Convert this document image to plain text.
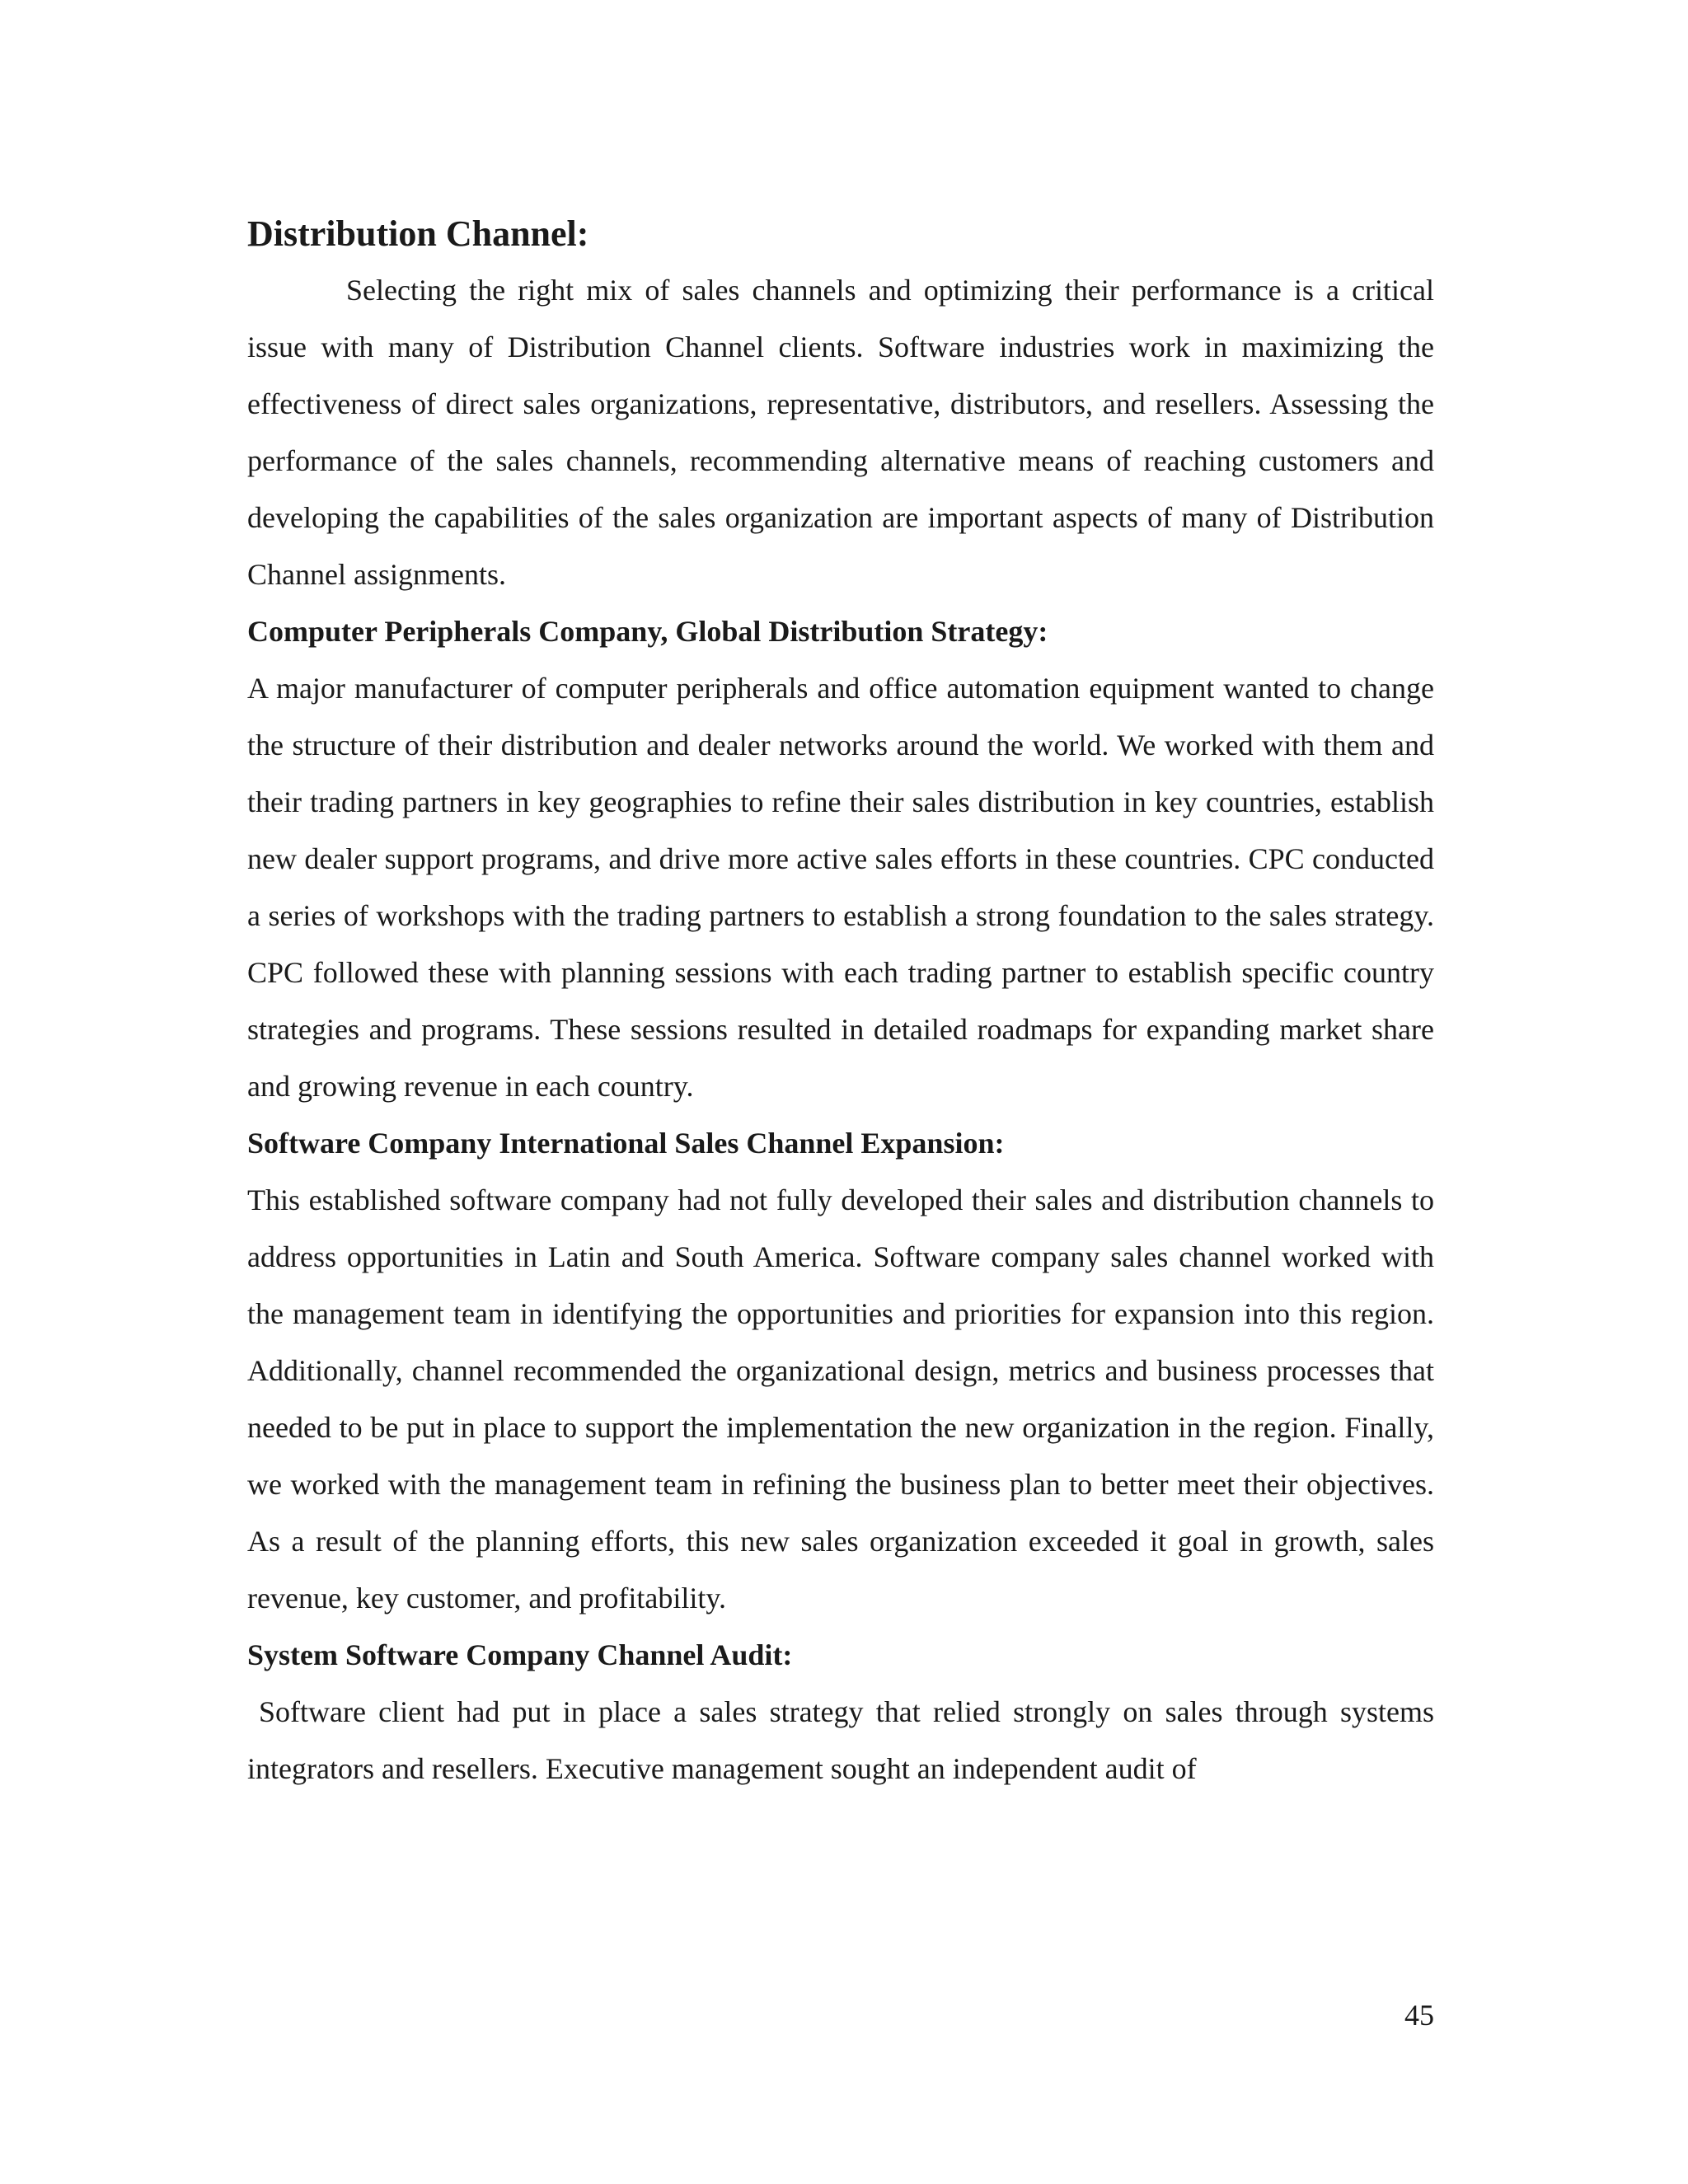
Distribution Channel:

Selecting the right mix of sales channels and optimizing their performance is a critical issue with many of Distribution Channel clients. Software industries work in maximizing the effectiveness of direct sales organizations, representative, distributors, and resellers. Assessing the performance of the sales channels, recommending alternative means of reaching customers and developing the capabilities of the sales organization are important aspects of many of Distribution Channel assignments.

Computer Peripherals Company, Global Distribution Strategy:

A major manufacturer of computer peripherals and office automation equipment wanted to change the structure of their distribution and dealer networks around the world. We worked with them and their trading partners in key geographies to refine their sales distribution in key countries, establish new dealer support programs, and drive more active sales efforts in these countries. CPC conducted a series of workshops with the trading partners to establish a strong foundation to the sales strategy. CPC followed these with planning sessions with each trading partner to establish specific country strategies and programs. These sessions resulted in detailed roadmaps for expanding market share and growing revenue in each country.

Software Company International Sales Channel Expansion:

This established software company had not fully developed their sales and distribution channels to address opportunities in Latin and South America. Software company sales channel worked with the management team in identifying the opportunities and priorities for expansion into this region. Additionally, channel recommended the organizational design, metrics and business processes that needed to be put in place to support the implementation the new organization in the region. Finally, we worked with the management team in refining the business plan to better meet their objectives. As a result of the planning efforts, this new sales organization exceeded it goal in growth, sales revenue, key customer, and profitability.

System Software Company Channel Audit:

Software client had put in place a sales strategy that relied strongly on sales through systems integrators and resellers. Executive management sought an independent audit of

45
